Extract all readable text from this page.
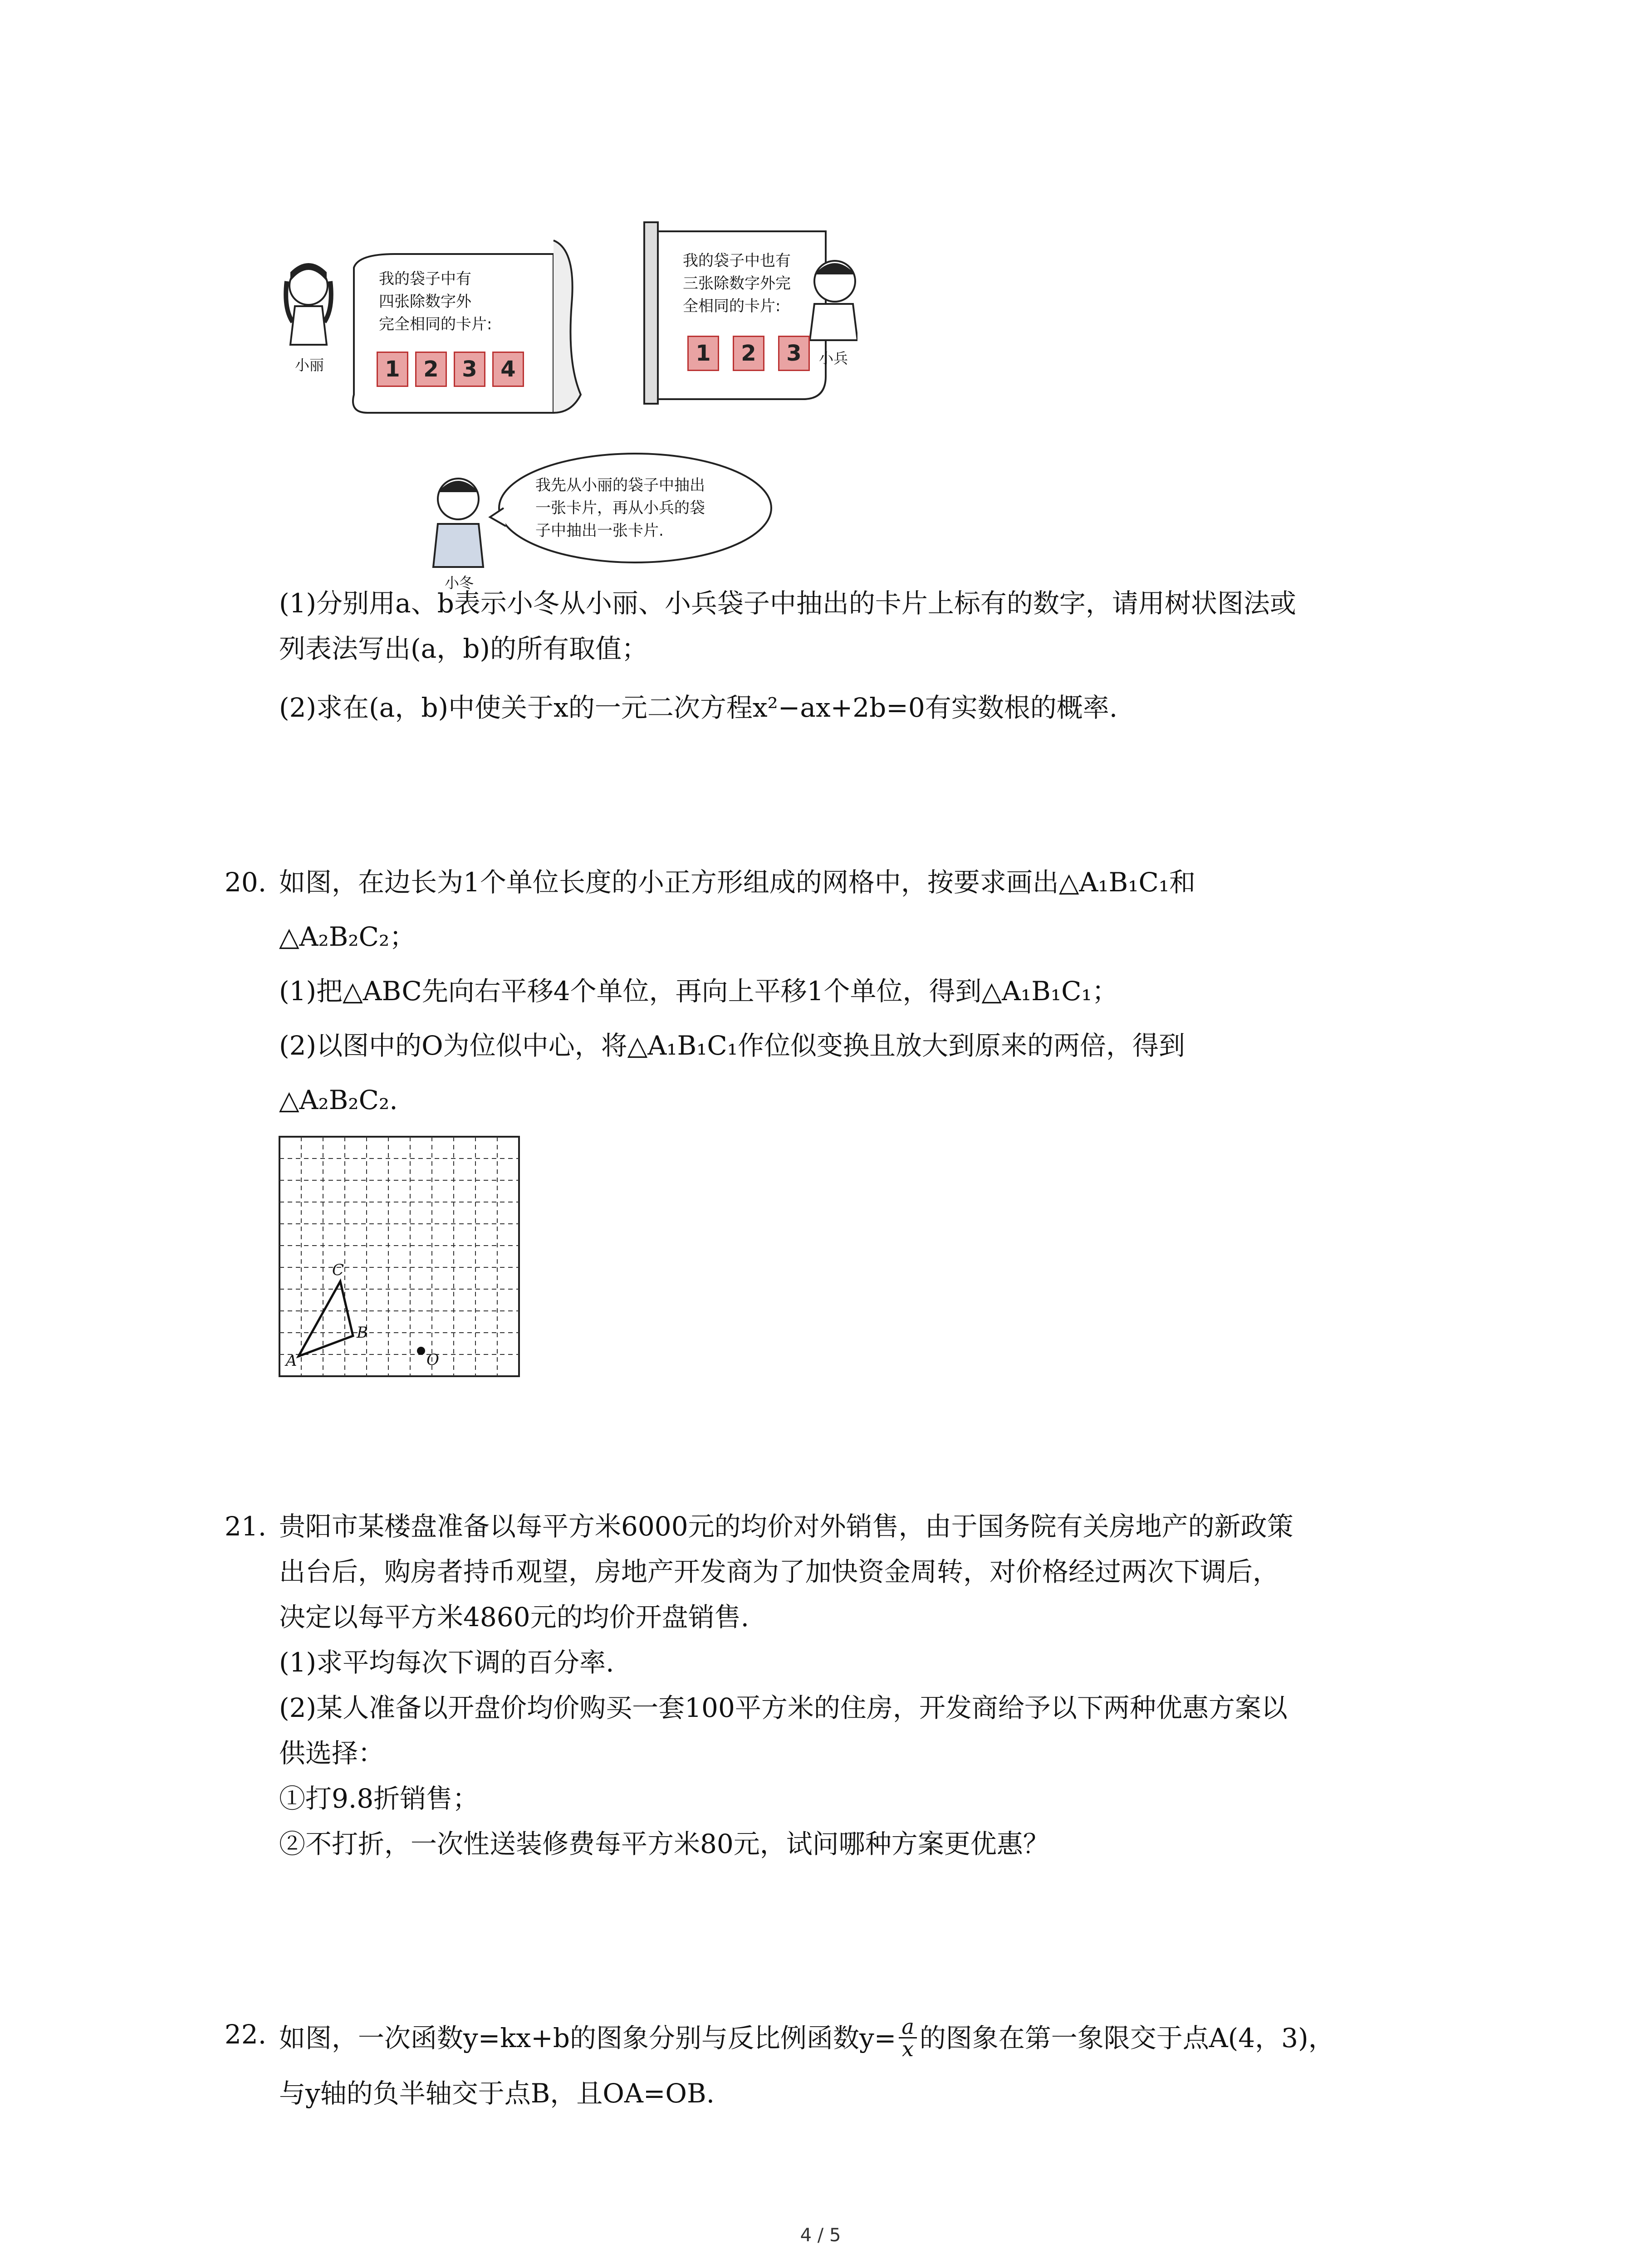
我的袋子中有
四张除数字外
完全相同的卡片:
1	2	3	4
小丽
我的袋子中也有
三张除数字外完
全相同的卡片:
1	2	3	小兵
我先从小丽的袋子中抽出
一张卡片，再从小兵的袋
子中抽出一张卡片.
小冬
(1)分别用a、b表示小冬从小丽、小兵袋子中抽出的卡片上标有的数字，请用树状图法或
列表法写出(a，b)的所有取值；
(2)求在(a，b)中使关于x的一元二次方程x²−ax+2b=0有实数根的概率.
20. 如图，在边长为1个单位长度的小正方形组成的网格中，按要求画出△A₁B₁C₁和
△A₂B₂C₂；
(1)把△ABC先向右平移4个单位，再向上平移1个单位，得到△A₁B₁C₁；
(2)以图中的O为位似中心，将△A₁B₁C₁作位似变换且放大到原来的两倍，得到
△A₂B₂C₂.
A
B
C
O
21. 贵阳市某楼盘准备以每平方米6000元的均价对外销售，由于国务院有关房地产的新政策
出台后，购房者持币观望，房地产开发商为了加快资金周转，对价格经过两次下调后，
决定以每平方米4860元的均价开盘销售.
(1)求平均每次下调的百分率.
(2)某人准备以开盘价均价购买一套100平方米的住房，开发商给予以下两种优惠方案以
供选择：
①打9.8折销售；
②不打折，一次性送装修费每平方米80元，试问哪种方案更优惠？
22. 如图，一次函数y=kx+b的图象分别与反比例函数$y= \frac{a}{x}$ 的图象在第一象限交于点A(4，3)，
与y轴的负半轴交于点B，且OA=OB.
4 / 5
